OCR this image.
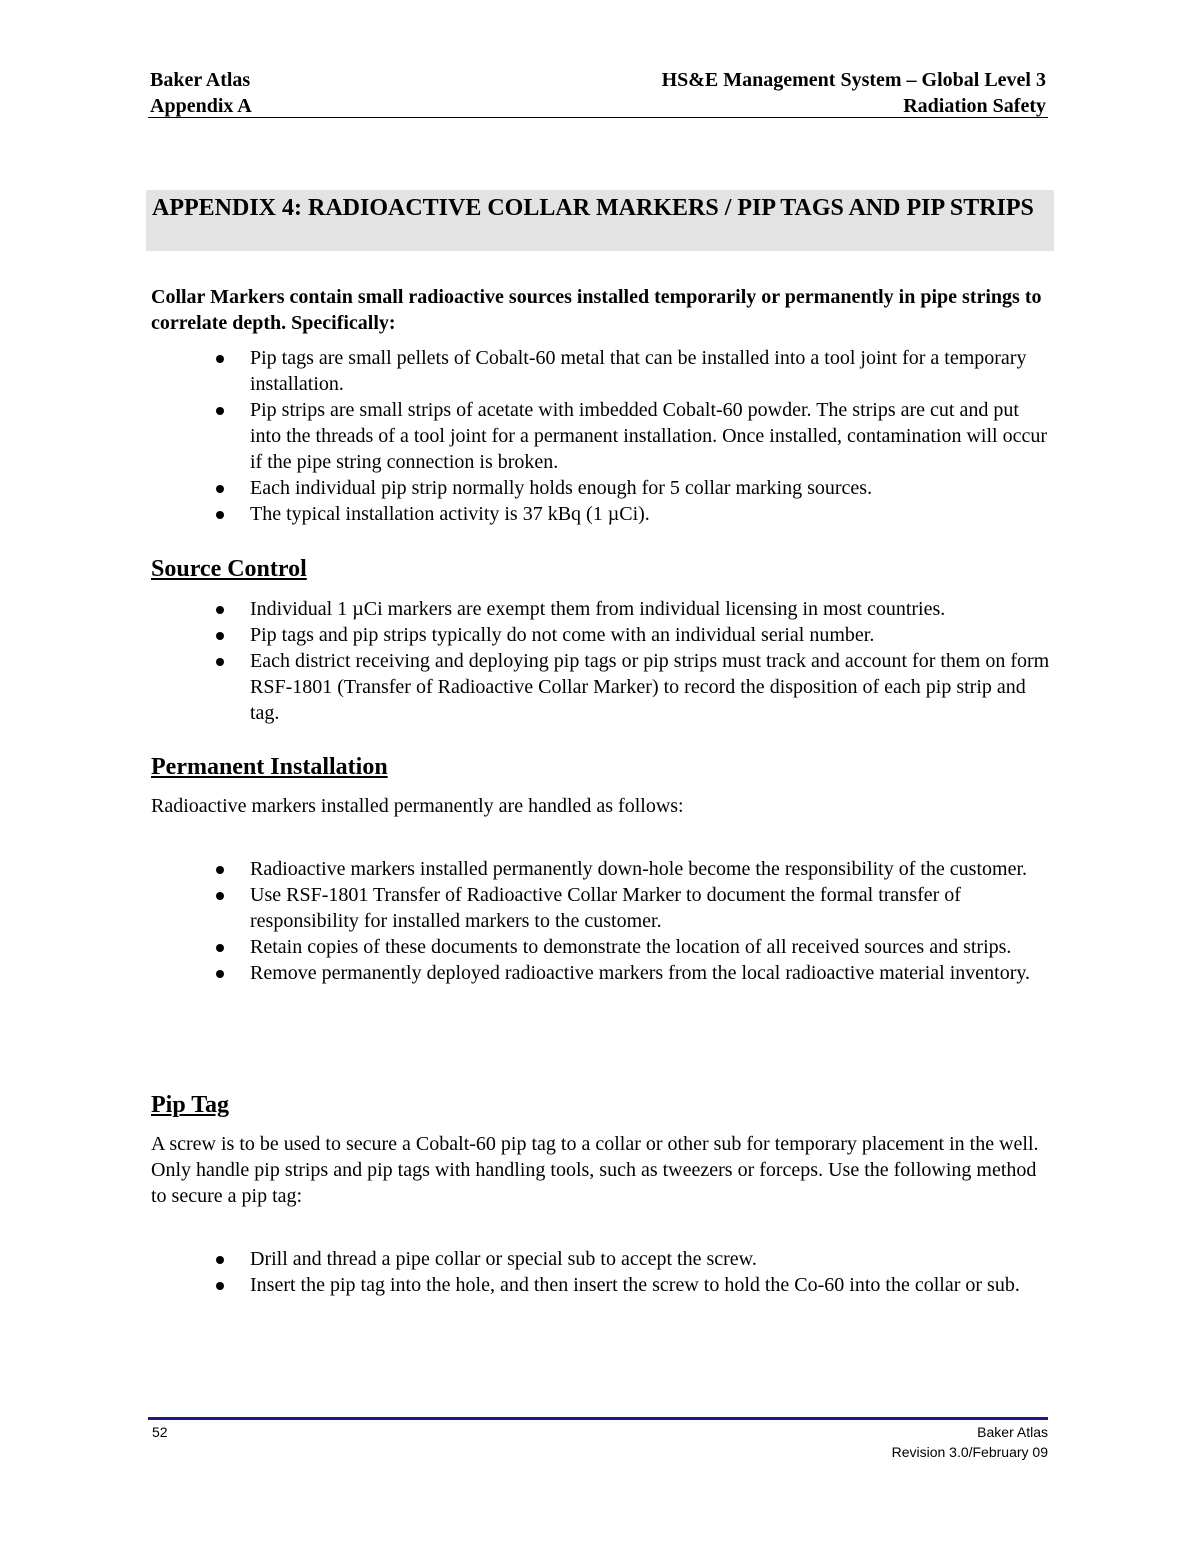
Baker Atlas	HS&E Management System – Global Level 3
Appendix A	Radiation Safety
APPENDIX 4: RADIOACTIVE COLLAR MARKERS / PIP TAGS AND PIP STRIPS
Collar Markers contain small radioactive sources installed temporarily or permanently in pipe strings to correlate depth. Specifically:
Pip tags are small pellets of Cobalt-60 metal that can be installed into a tool joint for a temporary installation.
Pip strips are small strips of acetate with imbedded Cobalt-60 powder. The strips are cut and put into the threads of a tool joint for a permanent installation. Once installed, contamination will occur if the pipe string connection is broken.
Each individual pip strip normally holds enough for 5 collar marking sources.
The typical installation activity is 37 kBq (1 µCi).
Source Control
Individual 1 µCi markers are exempt them from individual licensing in most countries.
Pip tags and pip strips typically do not come with an individual serial number.
Each district receiving and deploying pip tags or pip strips must track and account for them on form RSF-1801 (Transfer of Radioactive Collar Marker) to record the disposition of each pip strip and tag.
Permanent Installation
Radioactive markers installed permanently are handled as follows:
Radioactive markers installed permanently down-hole become the responsibility of the customer.
Use RSF-1801 Transfer of Radioactive Collar Marker to document the formal transfer of responsibility for installed markers to the customer.
Retain copies of these documents to demonstrate the location of all received sources and strips.
Remove permanently deployed radioactive markers from the local radioactive material inventory.
Pip Tag
A screw is to be used to secure a Cobalt-60 pip tag to a collar or other sub for temporary placement in the well. Only handle pip strips and pip tags with handling tools, such as tweezers or forceps. Use the following method to secure a pip tag:
Drill and thread a pipe collar or special sub to accept the screw.
Insert the pip tag into the hole, and then insert the screw to hold the Co-60 into the collar or sub.
52	Baker Atlas
Revision 3.0/February 09
